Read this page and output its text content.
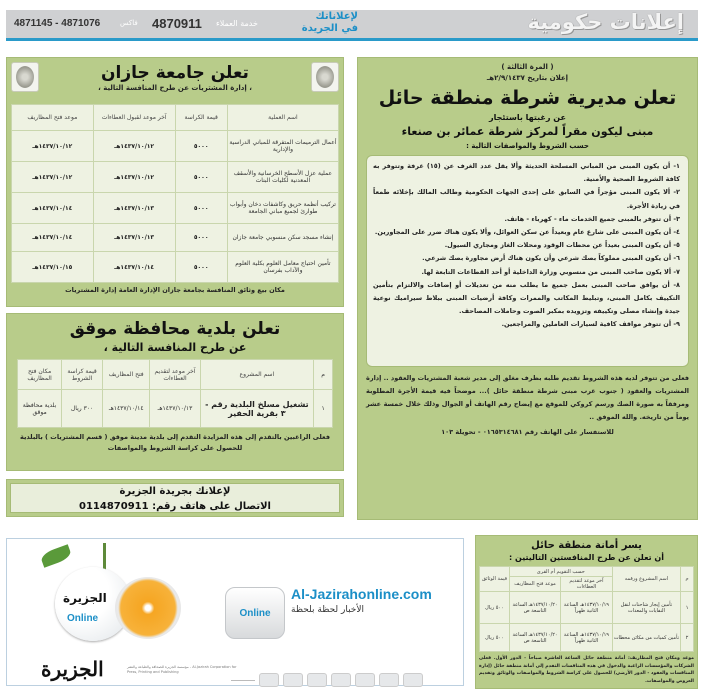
إعلانات حكومية
لإعلاناتك
في الجريدة
خدمة العملاء
4870911
فاكس
4871145 - 4871076
تعلن جامعة جازان
، إدارة المشتريات عن طرح المنافسة التالية ،
اسم العملية	قيمة الكراسة	آخر موعد لقبول العطاءات	موعد فتح المظاريف
أعمال الترميمات المتفرقة للمباني الدراسية والإدارية	٥٠٠٠	١٤٣٧/١٠/١٢هـ	١٤٣٧/١٠/١٢هـ
عملية عزل الأسطح الخرسانية والأسقف المعدنية لكليات البنات	٥٠٠٠	١٤٣٧/١٠/١٢هـ	١٤٣٧/١٠/١٢هـ
تركيب أنظمة حريق وكاشفات دخان وأبواب طوارئ لجميع مباني الجامعة	٥٠٠٠	١٤٣٧/١٠/١٣هـ	١٤٣٧/١٠/١٤هـ
إنشاء مسجد سكن منسوبي جامعة جازان	٥٠٠٠	١٤٣٧/١٠/١٣هـ	١٤٣٧/١٠/١٤هـ
تأمين احتياج معامل العلوم بكلية العلوم والآداب بفرسان	٥٠٠٠	١٤٣٧/١٠/١٤هـ	١٤٣٧/١٠/١٥هـ
مكان بيع وثائق المنافسة بجامعة جازان الإدارة العامة إدارة المشتريات
تعلن بلدية محافظة موقق
عن طرح المنافسة التالية ،
م	اسم المشروع	آخر موعد لتقديم العطاءات	فتح المظاريف	قيمة كراسة الشروط	مكان فتح المظاريف
١	تشغيل مسلخ البلدية رقم - ٣ بقرية الحفير	١٤٣٧/١٠/١٣هـ	١٤٣٧/١٠/١٤هـ	٣٠٠ ريال	بلدية محافظة موقق
فعلى الراغبين بالتقدم إلى هذه المزايدة التقدم إلى بلدية مدينة موقق ( قسم المشتريات ) بالبلدية للحصول على كراسة الشروط والمواصفات
لإعلانك بجريدة الجزيرة
الاتصال على هاتف رقم: 0114870911
( المرة الثالثة )
إعلان بتاريخ ٢/٩/١٤٣٧هـ
تعلن مديرية شرطة منطقة حائل
عن رغبتها باستئجار
مبنى ليكون مقراً لمركز شرطة عمائر بن صنعاء
حسب الشروط والمواصفات التالية :
١- أن يكون المبنى من المباني المسلحة الحديثة وألا يقل عدد الغرف عن (١٥) غرفة وتتوفر به كافة الشروط الصحية والأمنية.
٢- ألا يكون المبنى مؤجراً في السابق على إحدى الجهات الحكومية وطالب المالك بإخلائه طمعاً في زيادة الأجرة.
٣- أن تتوفر بالمبنى جميع الخدمات ماء - كهرباء - هاتف.
٤- أن يكون المبنى على شارع عام وبعيداً عن سكن العوائل، وألا يكون هناك ضرر على المجاورين.
٥- أن يكون المبنى بعيداً عن محطات الوقود ومحلات الغاز ومجاري السيول.
٦- أن يكون المبنى مملوكاً بصك شرعي وأن يكون هناك أرض مجاورة بصك شرعي.
٧- ألا يكون صاحب المبنى من منسوبي وزارة الداخلية أو أحد القطاعات التابعة لها.
٨- أن يوافق صاحب المبنى بعمل جميع ما يطلب منه من تعديلات أو إضافات والالتزام بتأمين التكييف بكامل المبنى، وتبليط المكاتب والممرات وكافة أرضيات المبنى ببلاط سيراميك نوعية جيدة وإنشاء مصلى وتكييفه وتزويده بمكبر الصوت وحاملات المصاحف.
٩- أن تتوفر مواقف كافية لسيارات العاملين والمراجعين.
فعلى من تتوفر لديه هذه الشروط تقديم طلبه بظرف مغلق إلى مدير شعبة المشتريات والعقود .. إدارة المشتريات والعقود ( جنوب غرب مبنى شرطة منطقة حائل )... موضحاً فيه قيمة الأجرة المطلوبة ومرفقاً به صورة الصك ورسم كروكي للموقع مع إيضاح رقم الهاتف أو الجوال وذلك خلال خمسة عشر يوماً من تاريخه. والله الموفق ..
للاستفسار على الهاتف رقم ٠١٦٥٣١٤٦٨١ - تحويلة ١٠٣
الجزيرة
Online	Online
Al-Jazirahonline.com
الأخبار لحظة بلحظة
الجزيرة	مؤسسة الجزيرة للصحافة والطباعة والنشر - Al-Jazirah Corporation for Press, Printing and Publishing
يسر أمانة منطقة حائل
أن تعلن عن طرح المنافستين التاليتين :
م	اسم المشروع ورقمه	حسب التقويم أم القرى		قيمة الوثائق
		آخر موعد لتقديم العطاءات	موعد فتح المظاريف	
١	تأمين إيجار شاحنات لنقل النفايات والمعدات	١٤٣٧/١٠/١٩هـ الساعة الثانية ظهراً	١٤٣٧/١٠/٢٠هـ الساعة التاسعة ص	٥٠٠ ريال
٢	تأمين كميات من مكائن محطات	١٤٣٧/١٠/١٩هـ الساعة الثانية ظهراً	١٤٣٧/١٠/٢٠هـ الساعة التاسعة ص	٥٠٠ ريال
موعد ومكان فتح المظاريف: أمانة منطقة حائل الساعة العاشرة صباحاً - الدور الأول. فعلى الشركات والمؤسسات الراغبة والدخول في هذه المنافسات التقدم إلى أمانة منطقة حائل (إدارة المنافسات والعقود - الدور الأرضي) للحصول على كراسة الشروط والمواصفات والوثائق وتقديم العروض والمواصفات.
